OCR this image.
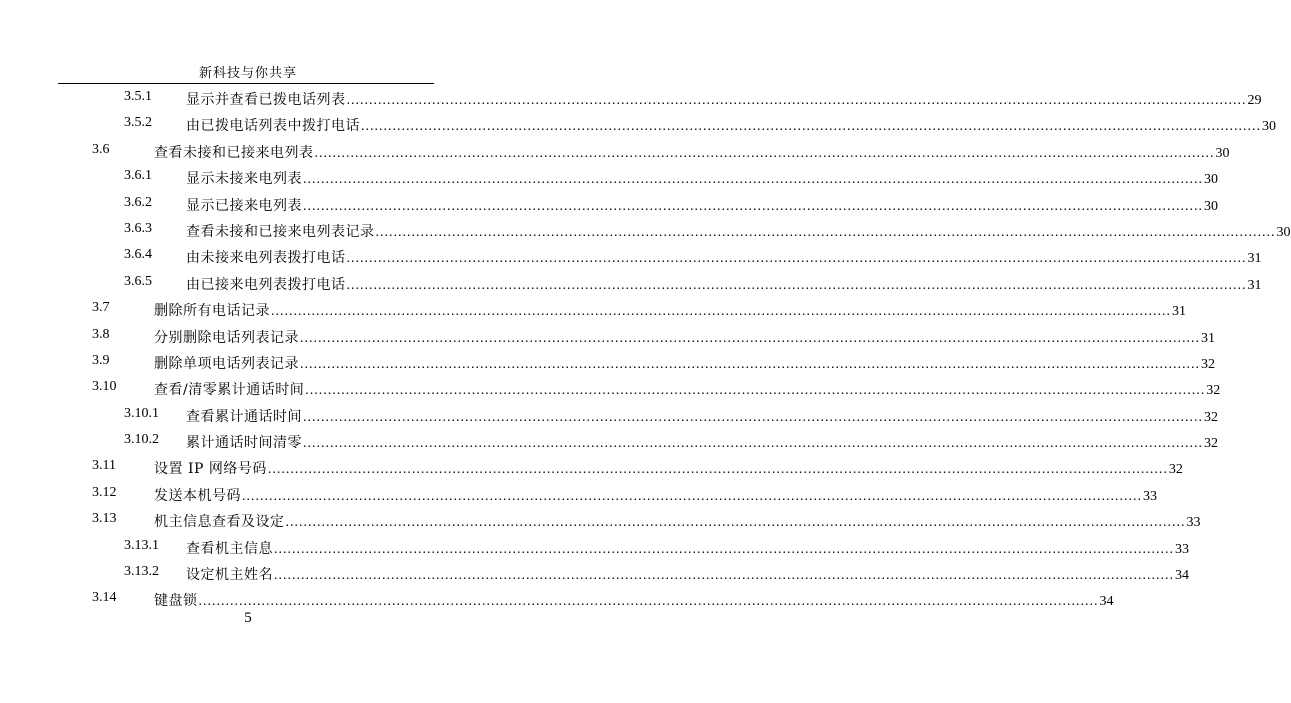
新科技与你共享
3.5.1 显示并查看已拨电话列表 ........................................................................................................................................................................................................ 29
3.5.2 由已拨电话列表中拨打电话 ........................................................................................................................................................................................................ 30
3.6	查看未接和已接来电列表 ........................................................................................................................................................................................................ 30
3.6.1 显示未接来电列表 ........................................................................................................................................................................................................ 30
3.6.2 显示已接来电列表 ........................................................................................................................................................................................................ 30
3.6.3 查看未接和已接来电列表记录 ........................................................................................................................................................................................................ 30
3.6.4 由未接来电列表拨打电话 ........................................................................................................................................................................................................ 31
3.6.5 由已接来电列表拨打电话 ........................................................................................................................................................................................................ 31
3.7	删除所有电话记录 ........................................................................................................................................................................................................ 31
3.8	分别删除电话列表记录 ........................................................................................................................................................................................................ 31
3.9	删除单项电话列表记录 ........................................................................................................................................................................................................ 32
3.10	查看/清零累计通话时间 ........................................................................................................................................................................................................ 32
3.10.1 查看累计通话时间 ........................................................................................................................................................................................................ 32
3.10.2 累计通话时间清零 ........................................................................................................................................................................................................ 32
3.11	设置 IP 网络号码 ........................................................................................................................................................................................................ 32
3.12	发送本机号码 ........................................................................................................................................................................................................ 33
3.13	机主信息查看及设定 ........................................................................................................................................................................................................ 33
3.13.1 查看机主信息 ........................................................................................................................................................................................................ 33
3.13.2 设定机主姓名 ........................................................................................................................................................................................................ 34
3.14	键盘锁 ........................................................................................................................................................................................................ 34
5
